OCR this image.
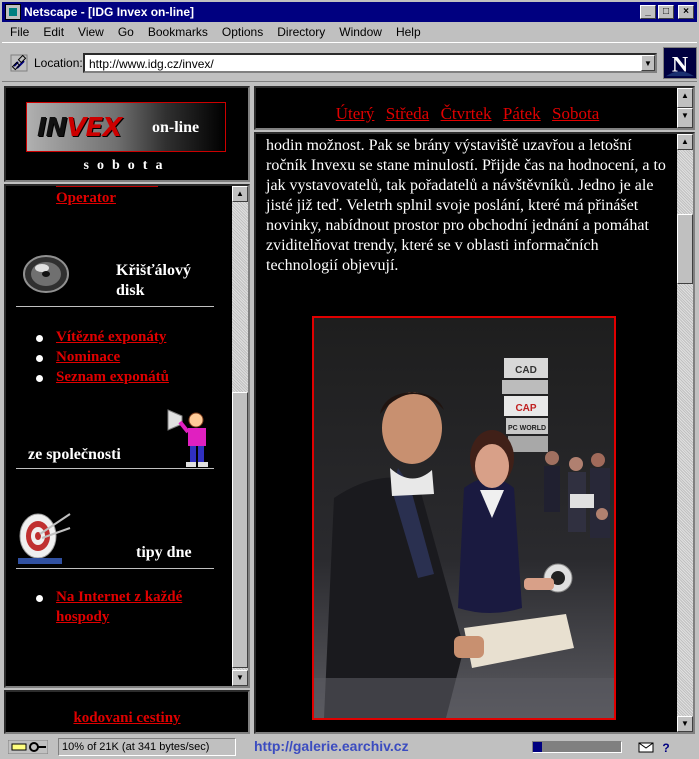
Netscape - [IDG Invex on-line]	_	□	×
File	Edit	View	Go	Bookmarks	Options	Directory	Window	Help
Location: http://www.idg.cz/invex/	▼ N
INVEX on-line
sobota
Operator
Křišťálový
disk
Vítězné exponáty
Nominace
Seznam exponátů
ze společnosti
tipy dne
Na Internet z každé
hospody
▲
▼
kodovani cestiny
Úterý Středa Čtvrtek Pátek Sobota
▲
▼
hodin možnost. Pak se brány výstaviště uzavřou a letošní ročník Invexu se stane minulostí. Přijde čas na hodnocení, a to jak vystavovatelů, tak pořadatelů a návštěvníků. Jedno je ale jisté již teď. Veletrh splnil svoje poslání, které má přinášet novinky, nabídnout prostor pro obchodní jednání a pomáhat zviditelňovat trendy, které se v oblasti informačních technologií objevují.
CAD
CAP
PC WORLD
▲
▼
10% of 21K (at 341 bytes/sec)	http://galerie.earchiv.cz	?
